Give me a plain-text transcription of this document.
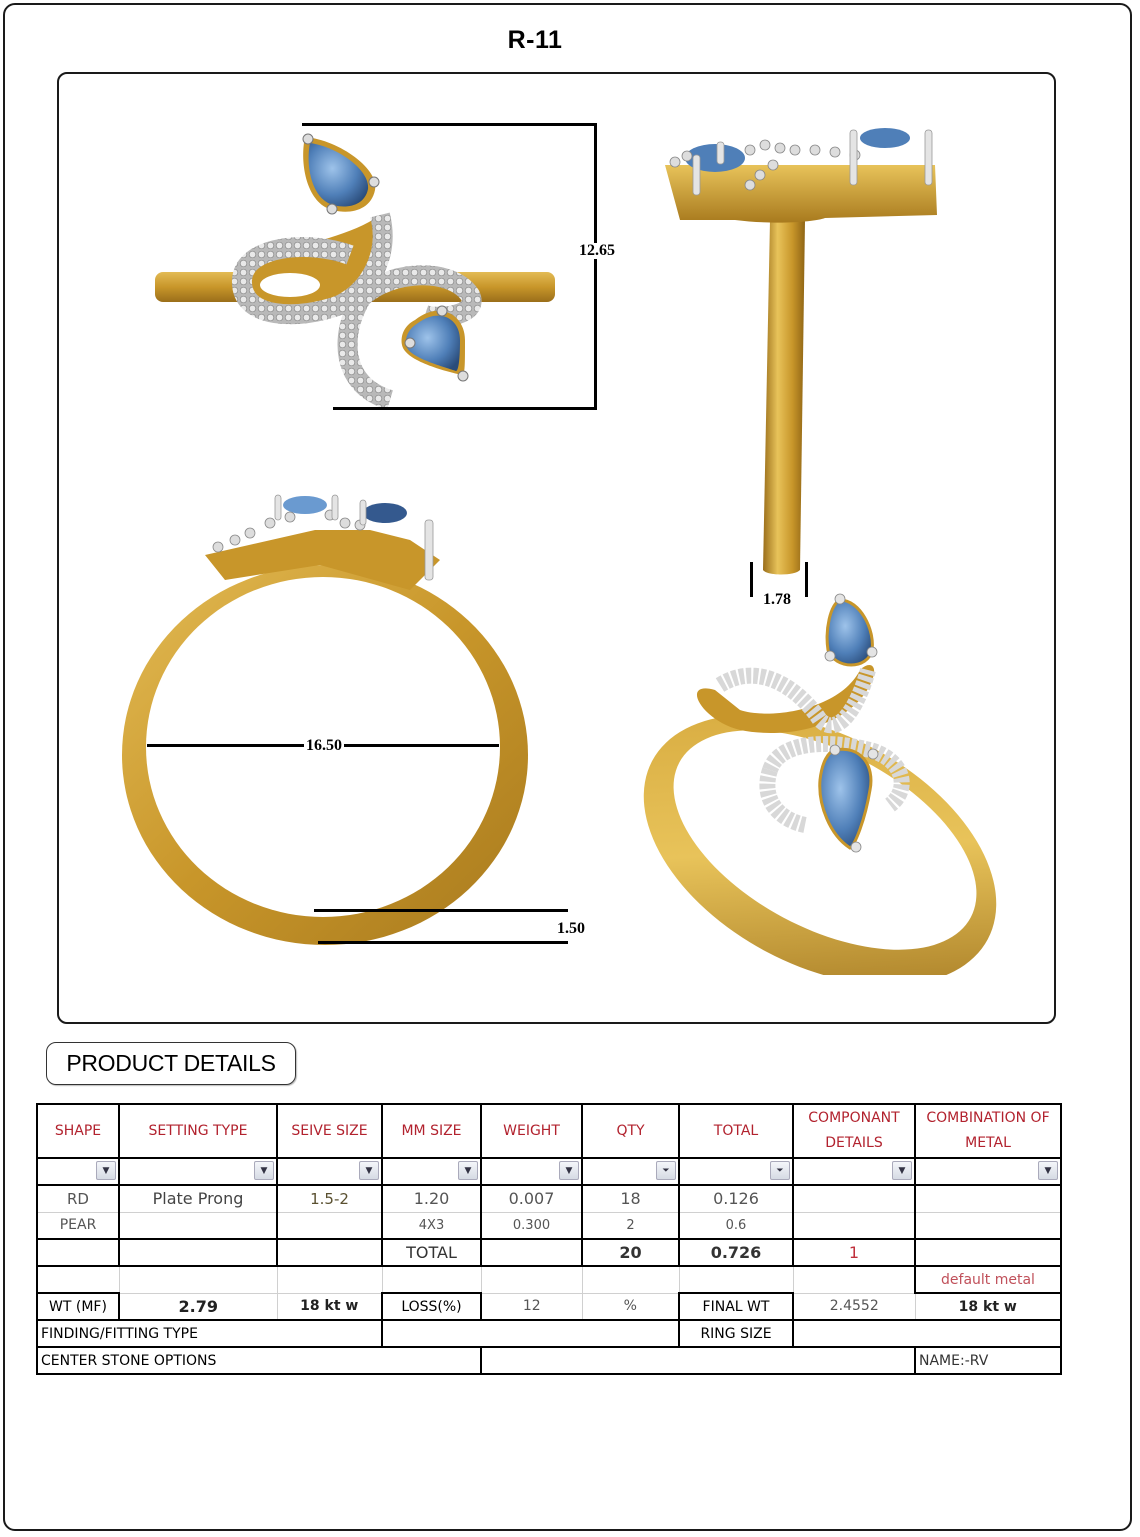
R-11
12.65
1.78
16.50
1.50
PRODUCT DETAILS
SHAPE	SETTING TYPE	SEIVE SIZE	MM SIZE	WEIGHT	QTY	TOTAL	COMPONANT DETAILS	COMBINATION OF METAL

▼	▼	▼	▼	▼	⏷	⏷	▼	▼

RD	Plate Prong	1.5-2	1.20	0.007	18	0.126		
PEAR			4X3	0.300	2	0.6		
			TOTAL		20	0.726	1	
								default metal
WT (MF)	2.79	18 kt w	LOSS(%)	12	%	FINAL WT	2.4552	18 kt w
FINDING/FITTING TYPE						RING SIZE		
CENTER STONE OPTIONS								NAME:-RV
